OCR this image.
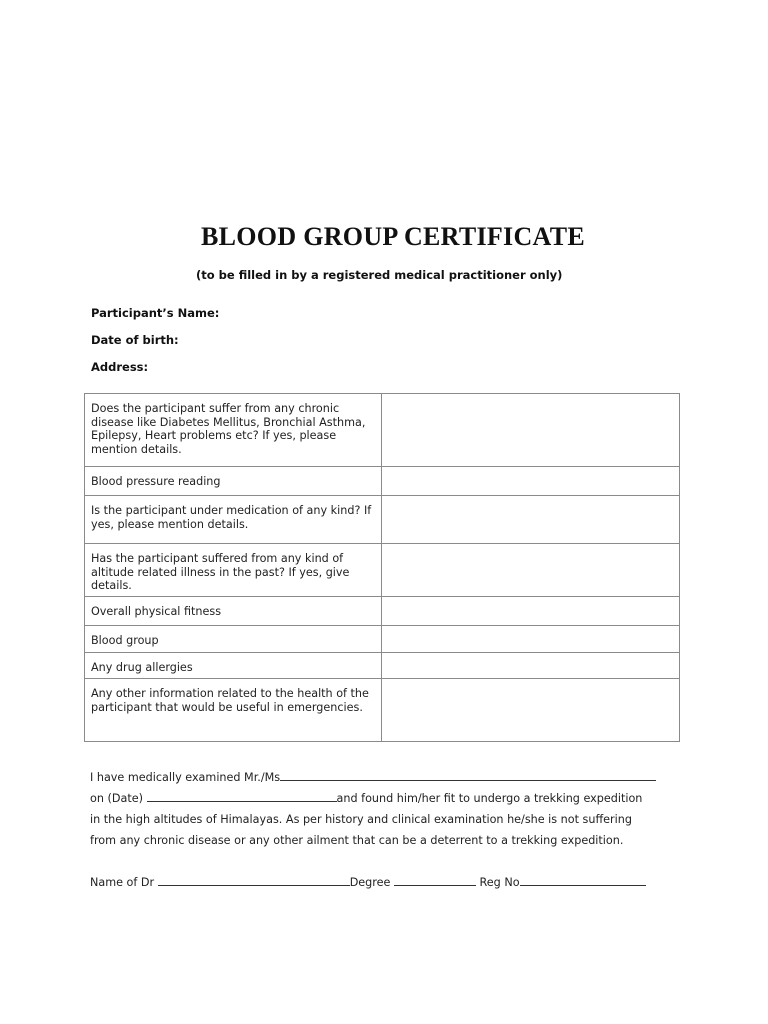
BLOOD GROUP CERTIFICATE
(to be filled in by a registered medical practitioner only)
Participant’s Name:
Date of birth:
Address:
Does the participant suffer from any chronic disease like Diabetes Mellitus, Bronchial Asthma, Epilepsy, Heart problems etc? If yes, please mention details.	
Blood pressure reading	
Is the participant under medication of any kind? If yes, please mention details.	
Has the participant suffered from any kind of altitude related illness in the past? If yes, give details.	
Overall physical fitness	
Blood group	
Any drug allergies	
Any other information related to the health of the participant that would be useful in emergencies.	
I have medically examined Mr./Ms
on (Date)	and found him/her fit to undergo a trekking expedition
in the high altitudes of Himalayas. As per history and clinical examination he/she is not suffering
from any chronic disease or any other ailment that can be a deterrent to a trekking expedition.
Name of Dr	Degree	Reg No
